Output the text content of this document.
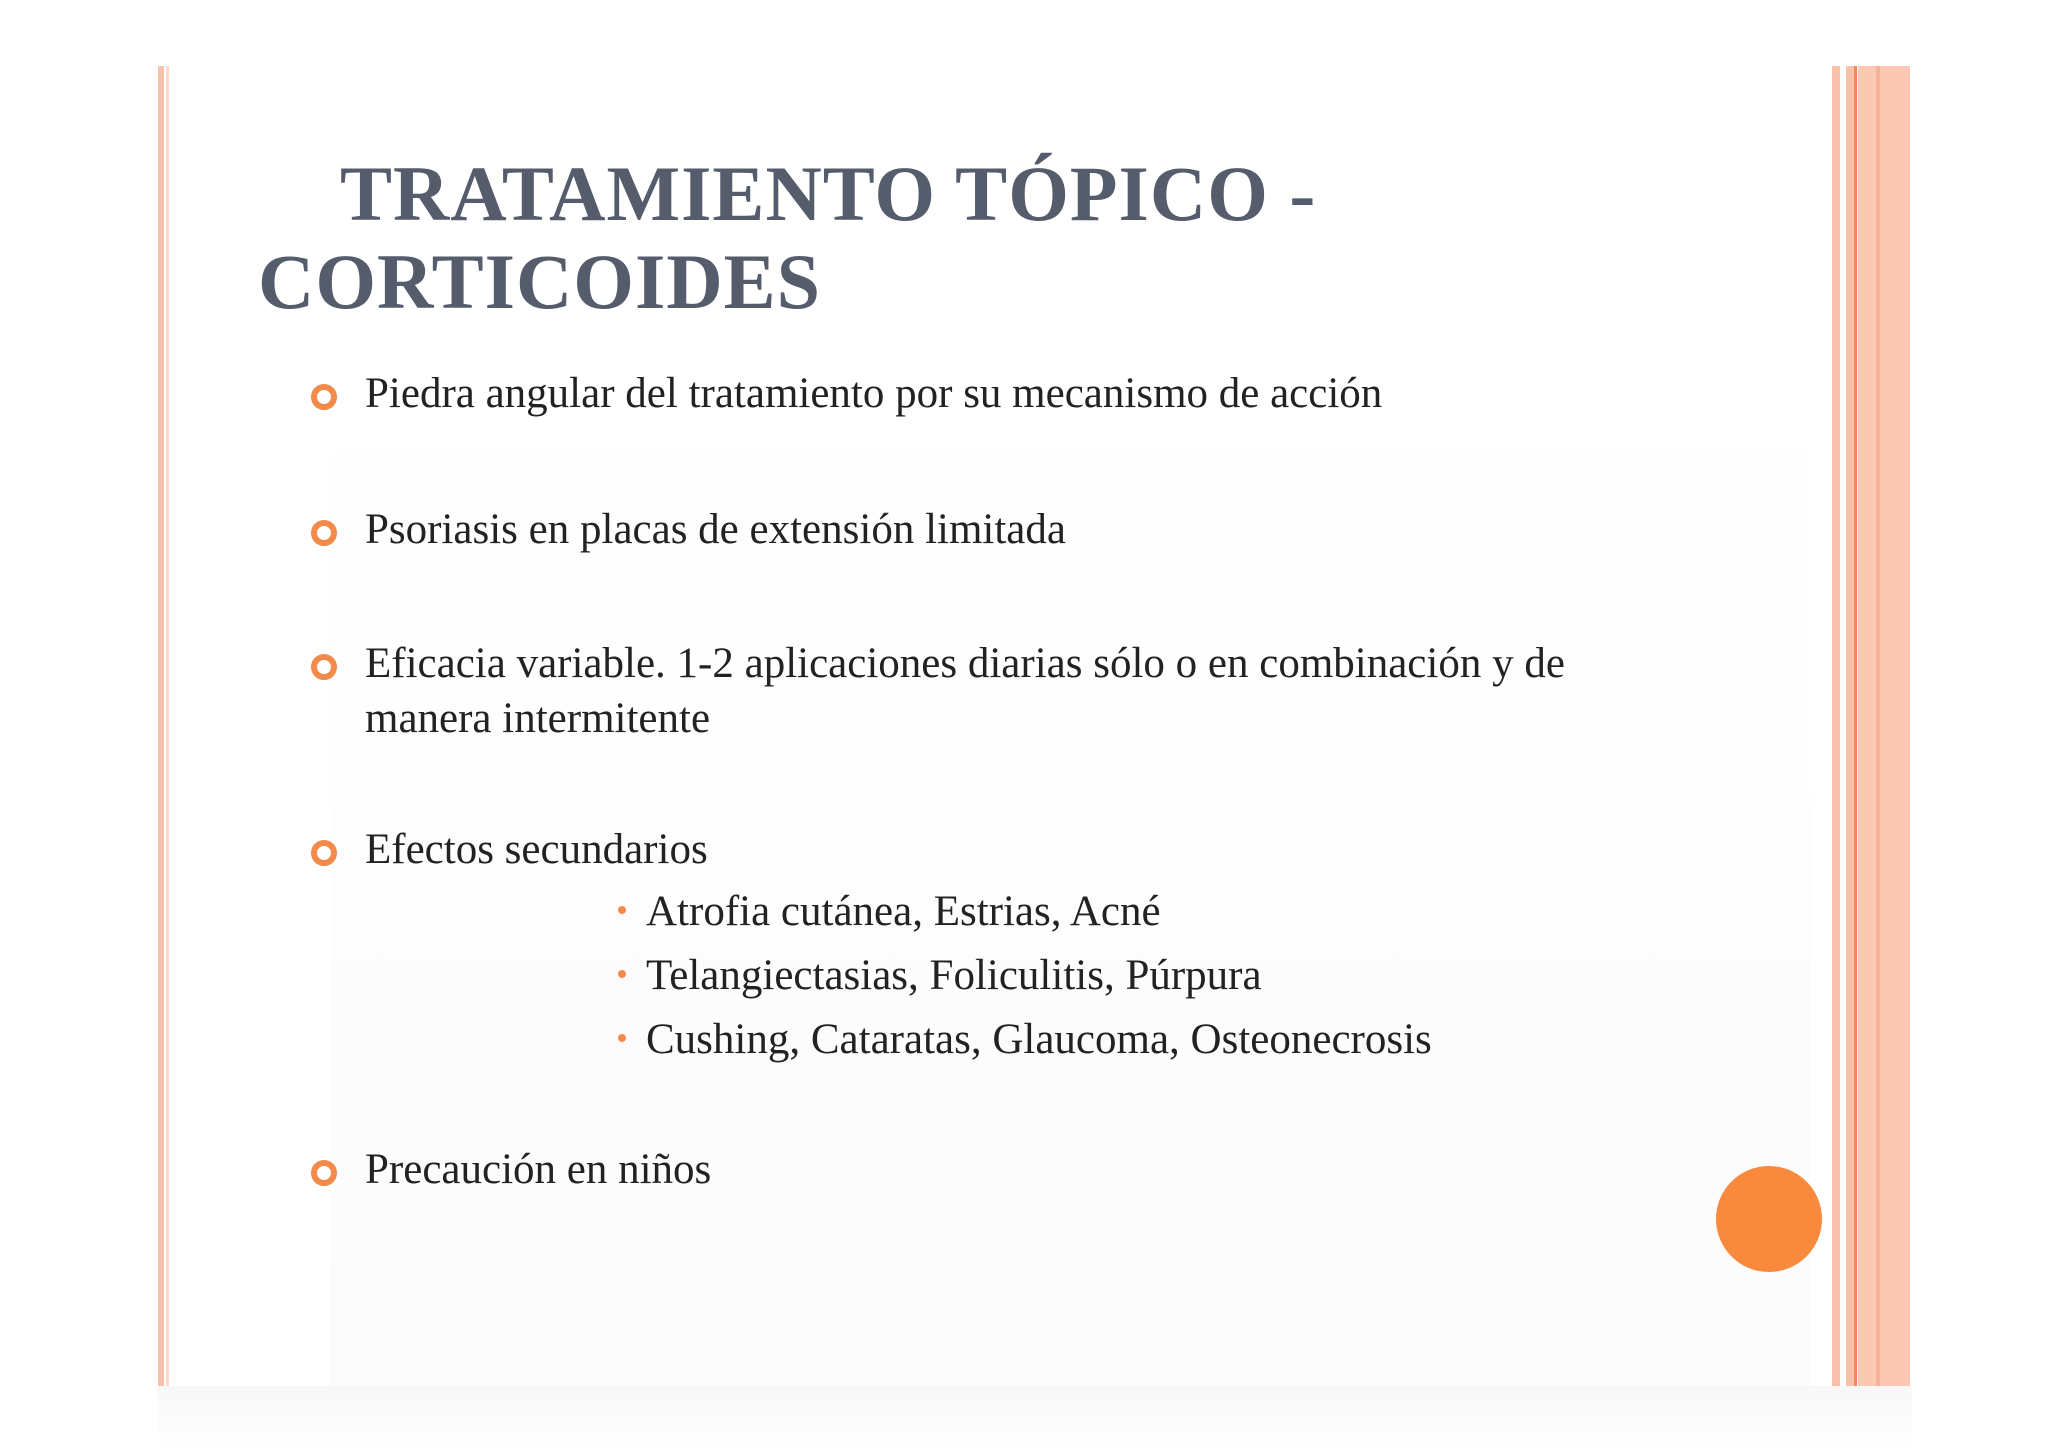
TRATAMIENTO TÓPICO -
CORTICOIDES
Piedra angular del tratamiento por su mecanismo de acción
Psoriasis en placas de extensión limitada
Eficacia variable. 1-2 aplicaciones diarias sólo o en combinación y de manera intermitente
Efectos secundarios
Atrofia cutánea, Estrias, Acné
Telangiectasias, Foliculitis, Púrpura
Cushing, Cataratas, Glaucoma, Osteonecrosis
Precaución en niños
